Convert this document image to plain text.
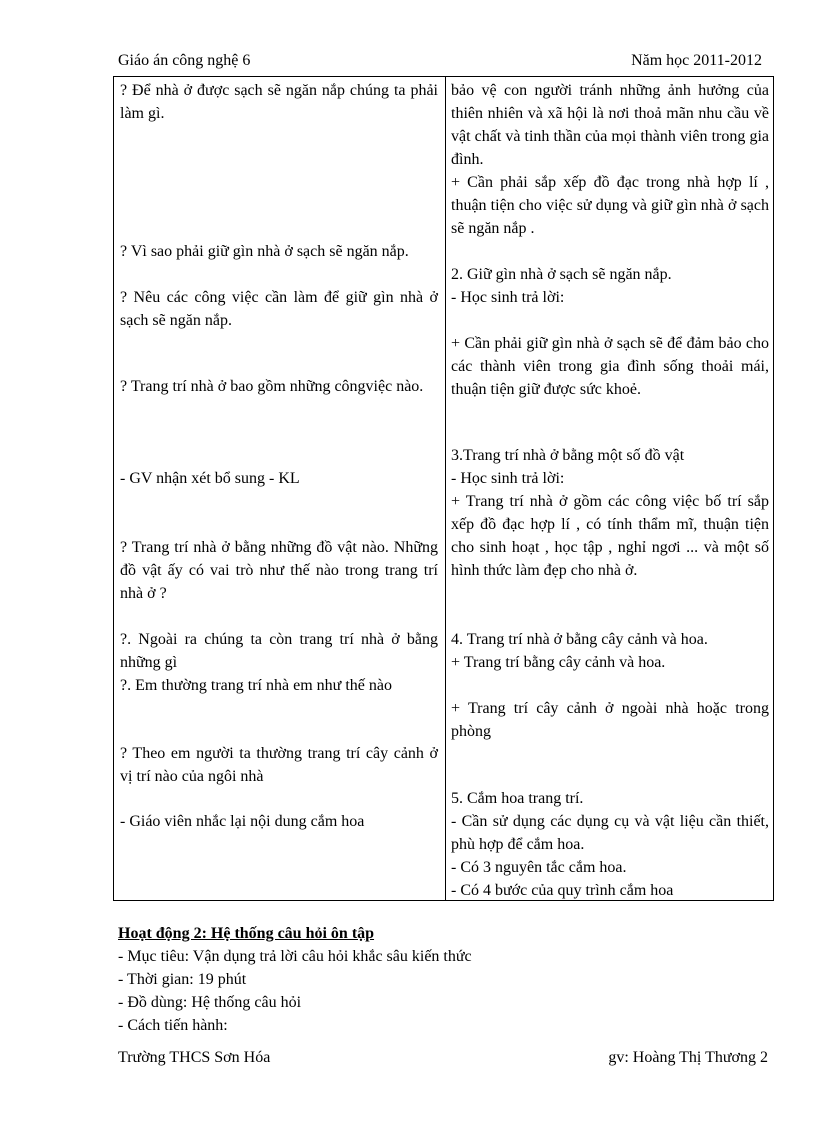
Giáo án công nghệ 6	Năm học 2011-2012
? Để nhà ở được sạch sẽ ngăn nắp chúng ta phải làm gì.
? Vì sao phải giữ gìn nhà ở sạch sẽ ngăn nắp.
? Nêu các công việc cần làm để giữ gìn nhà ở sạch sẽ ngăn nắp.
? Trang trí nhà ở bao gồm những côngviệc nào.
- GV nhận xét bổ sung - KL
? Trang trí nhà ở bằng những đồ vật nào. Những đồ vật ấy có vai trò như thế nào trong trang trí nhà ở ?
?. Ngoài ra chúng ta còn trang trí nhà ở bằng những gì
?. Em thường trang trí nhà em như thế nào
? Theo em người ta thường trang trí cây cảnh ở vị trí nào của ngôi nhà
- Giáo viên nhắc lại nội dung cắm hoa
bảo vệ con người tránh những ảnh hưởng của thiên nhiên và xã hội là nơi thoả mãn nhu cầu về vật chất và tinh thần của mọi thành viên trong gia đình.
+ Cần phải sắp xếp đồ đạc trong nhà hợp lí , thuận tiện cho việc sử dụng và giữ gìn nhà ở sạch sẽ ngăn nắp .
2. Giữ gìn nhà ở sạch sẽ ngăn nắp.
- Học sinh trả lời:
+ Cần phải giữ gìn nhà ở sạch sẽ để đảm bảo cho các thành viên trong gia đình sống thoải mái, thuận tiện giữ được sức khoẻ.
3.Trang trí nhà ở bằng một số đồ vật
- Học sinh trả lời:
+ Trang trí nhà ở gồm các công việc bố trí sắp xếp đồ đạc hợp lí , có tính thẩm mĩ, thuận tiện cho sinh hoạt , học tập , nghỉ ngơi ... và một số hình thức làm đẹp cho nhà ở.
4. Trang trí nhà ở bằng cây cảnh và hoa.
+ Trang trí bằng cây cảnh và hoa.
+ Trang trí cây cảnh ở ngoài nhà hoặc trong phòng
5. Cắm hoa trang trí.
- Cần sử dụng các dụng cụ và vật liệu cần thiết, phù hợp để cắm hoa.
- Có 3 nguyên tắc cắm hoa.
- Có 4 bước của quy trình cắm hoa
Hoạt động 2: Hệ thống câu hỏi ôn tập
- Mục tiêu: Vận dụng trả lời câu hỏi khắc sâu kiến thức
- Thời gian: 19 phút
- Đồ dùng: Hệ thống câu hỏi
- Cách tiến hành:
Trường THCS Sơn Hóa	gv: Hoàng Thị Thương 2
